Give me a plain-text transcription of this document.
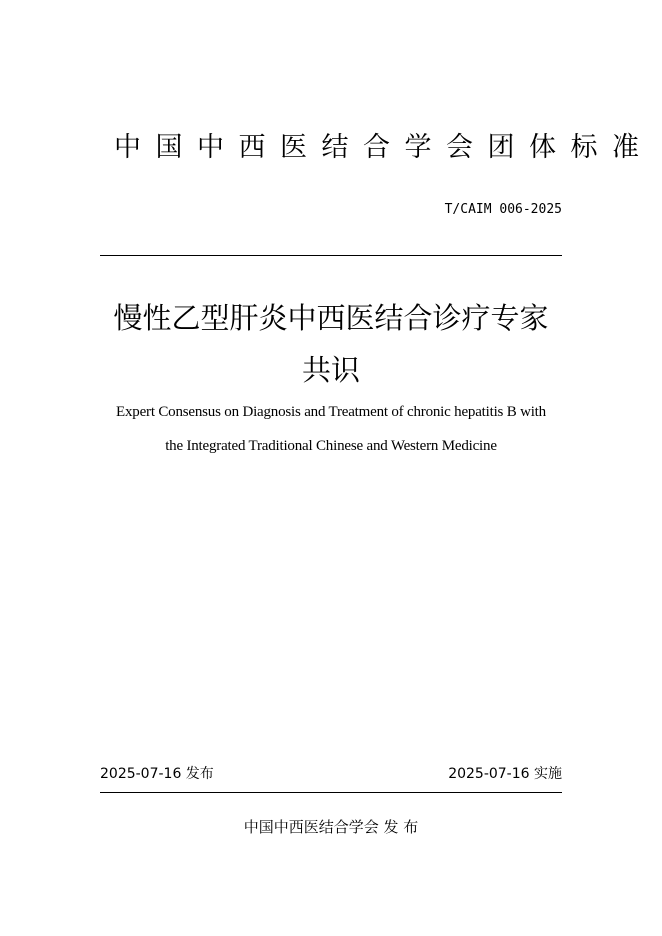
中国中西医结合学会团体标准
T/CAIM 006-2025
慢性乙型肝炎中西医结合诊疗专家
共识
Expert Consensus on Diagnosis and Treatment of chronic hepatitis B with
the Integrated Traditional Chinese and Western Medicine
2025-07-16 发布	2025-07-16 实施
中国中西医结合学会 发 布
